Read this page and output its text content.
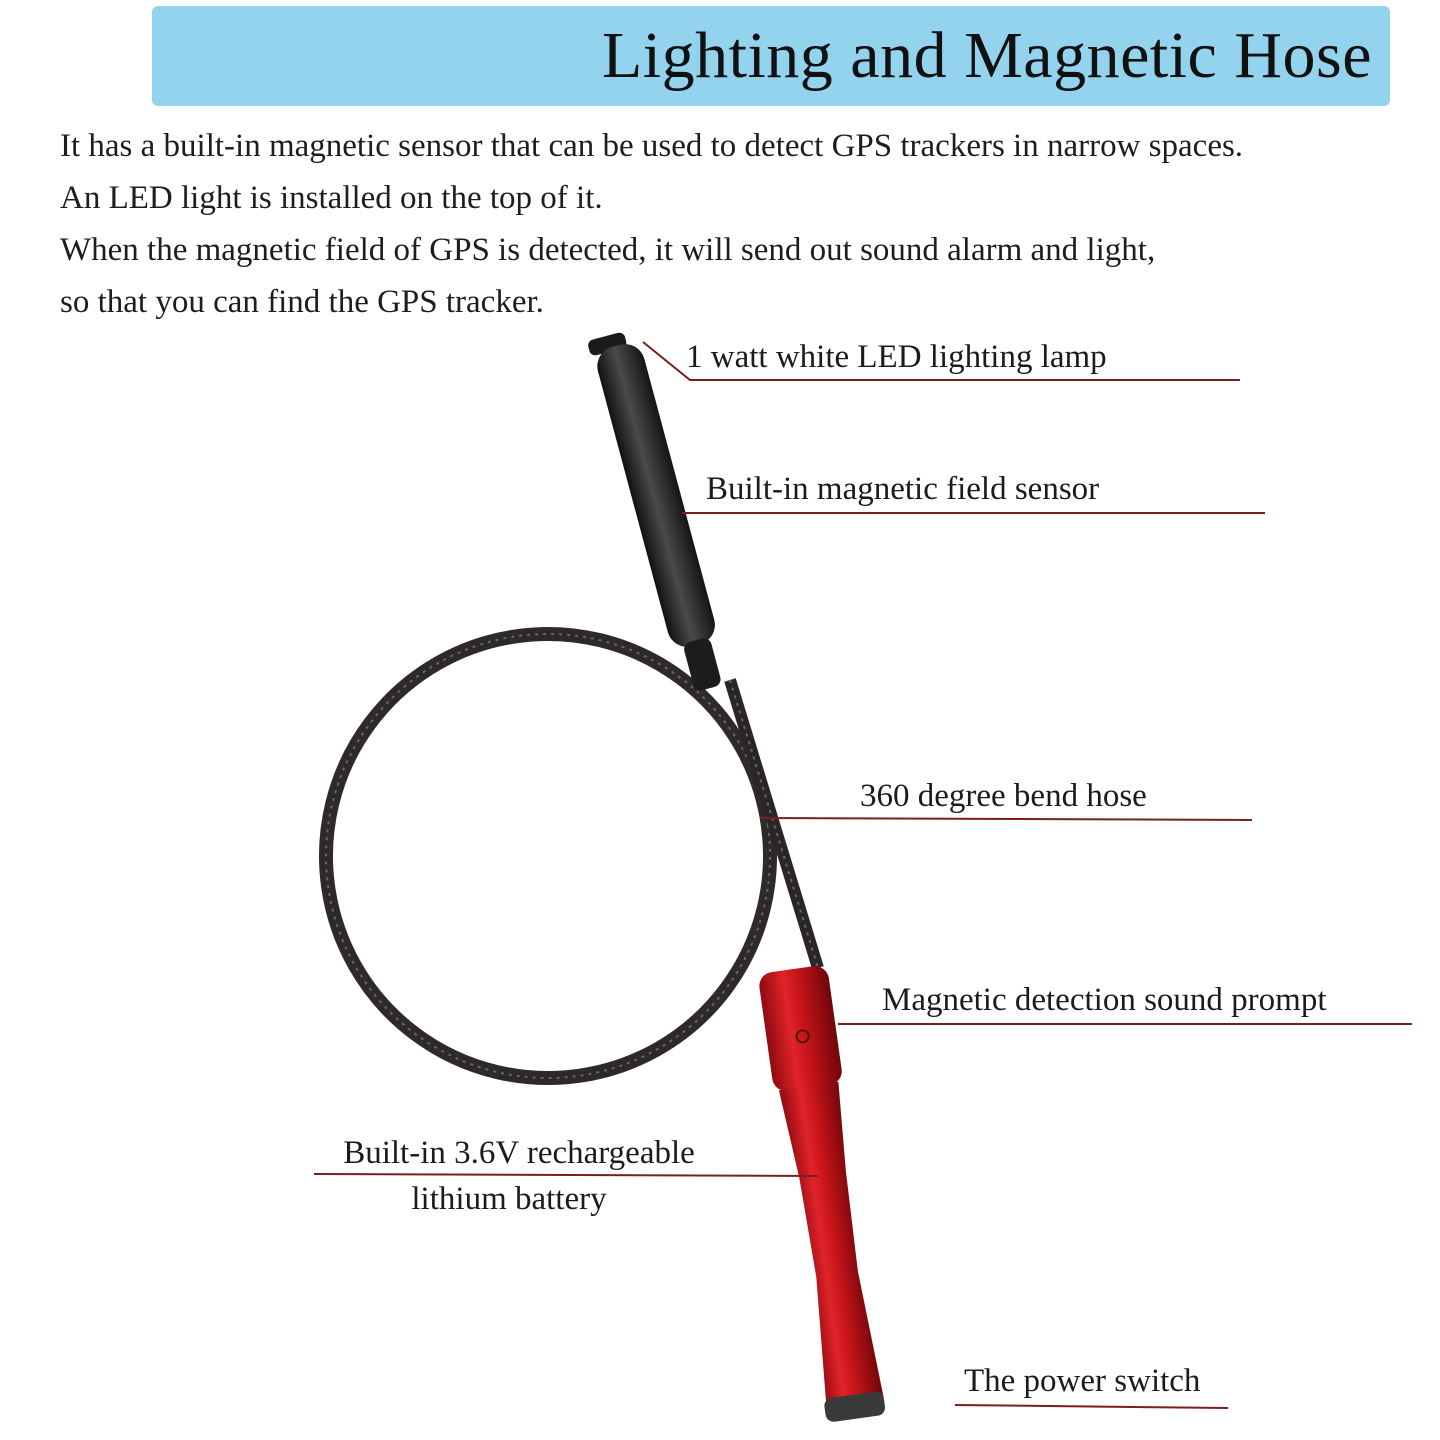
Lighting and Magnetic Hose

It has a built-in magnetic sensor that can be used to detect GPS trackers in narrow spaces.

An LED light is installed on the top of it.

When the magnetic field of GPS is detected, it will send out sound alarm and light,

so that you can find the GPS tracker.

1 watt white LED lighting lamp
Built-in magnetic field sensor
360 degree bend hose
Magnetic detection sound prompt
Built-in 3.6V rechargeable
lithium battery
The power switch
